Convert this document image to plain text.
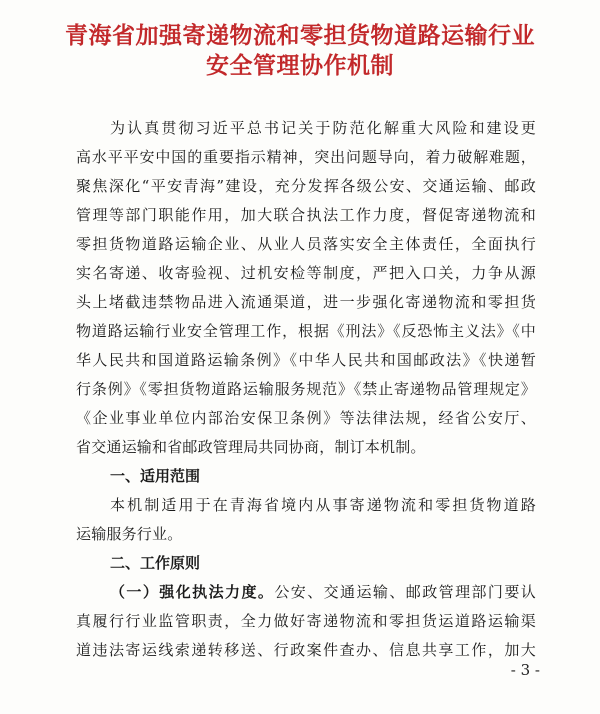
青海省加强寄递物流和零担货物道路运输行业
安全管理协作机制
为认真贯彻习近平总书记关于防范化解重大风险和建设更
高水平平安中国的重要指示精神，突出问题导向，着力破解难题，
聚焦深化“平安青海”建设，充分发挥各级公安、交通运输、邮政
管理等部门职能作用，加大联合执法工作力度，督促寄递物流和
零担货物道路运输企业、从业人员落实安全主体责任，全面执行
实名寄递、收寄验视、过机安检等制度，严把入口关，力争从源
头上堵截违禁物品进入流通渠道，进一步强化寄递物流和零担货
物道路运输行业安全管理工作，根据《刑法》《反恐怖主义法》《中
华人民共和国道路运输条例》《中华人民共和国邮政法》《快递暂
行条例》《零担货物道路运输服务规范》《禁止寄递物品管理规定》
《企业事业单位内部治安保卫条例》等法律法规，经省公安厅、
省交通运输和省邮政管理局共同协商，制订本机制。
一、适用范围
本机制适用于在青海省境内从事寄递物流和零担货物道路
运输服务行业。
二、工作原则
（一）强化执法力度。公安、交通运输、邮政管理部门要认
真履行行业监管职责，全力做好寄递物流和零担货运道路运输渠
道违法寄运线索递转移送、行政案件查办、信息共享工作，加大
- 3 -
